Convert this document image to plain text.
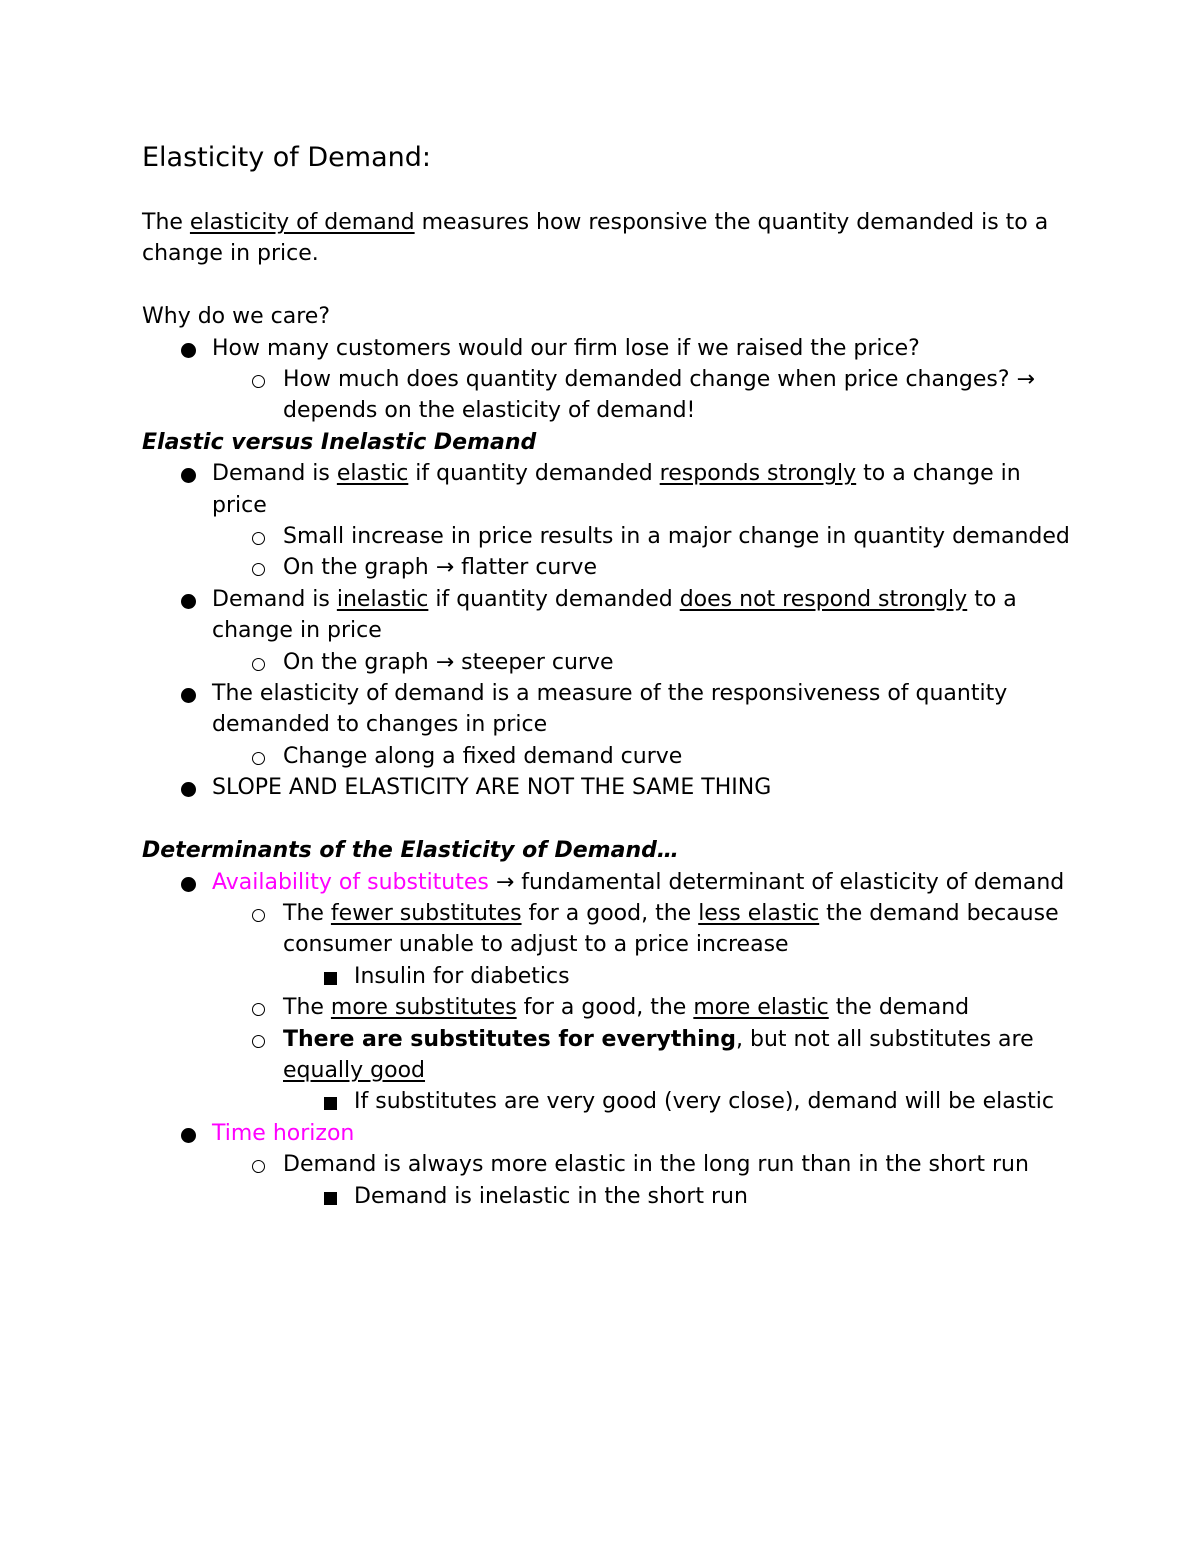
Elasticity of Demand:

The elasticity of demand measures how responsive the quantity demanded is to a change in price.

Why do we care?

How many customers would our firm lose if we raised the price?
How much does quantity demanded change when price changes? → depends on the elasticity of demand!

Elastic versus Inelastic Demand

Demand is elastic if quantity demanded responds strongly to a change in price
Small increase in price results in a major change in quantity demanded
On the graph → flatter curve
Demand is inelastic if quantity demanded does not respond strongly to a change in price
On the graph → steeper curve
The elasticity of demand is a measure of the responsiveness of quantity demanded to changes in price
Change along a fixed demand curve
SLOPE AND ELASTICITY ARE NOT THE SAME THING

Determinants of the Elasticity of Demand…

Availability of substitutes → fundamental determinant of elasticity of demand
The fewer substitutes for a good, the less elastic the demand because consumer unable to adjust to a price increase
Insulin for diabetics
The more substitutes for a good, the more elastic the demand
There are substitutes for everything, but not all substitutes are equally good
If substitutes are very good (very close), demand will be elastic
Time horizon
Demand is always more elastic in the long run than in the short run
Demand is inelastic in the short run
